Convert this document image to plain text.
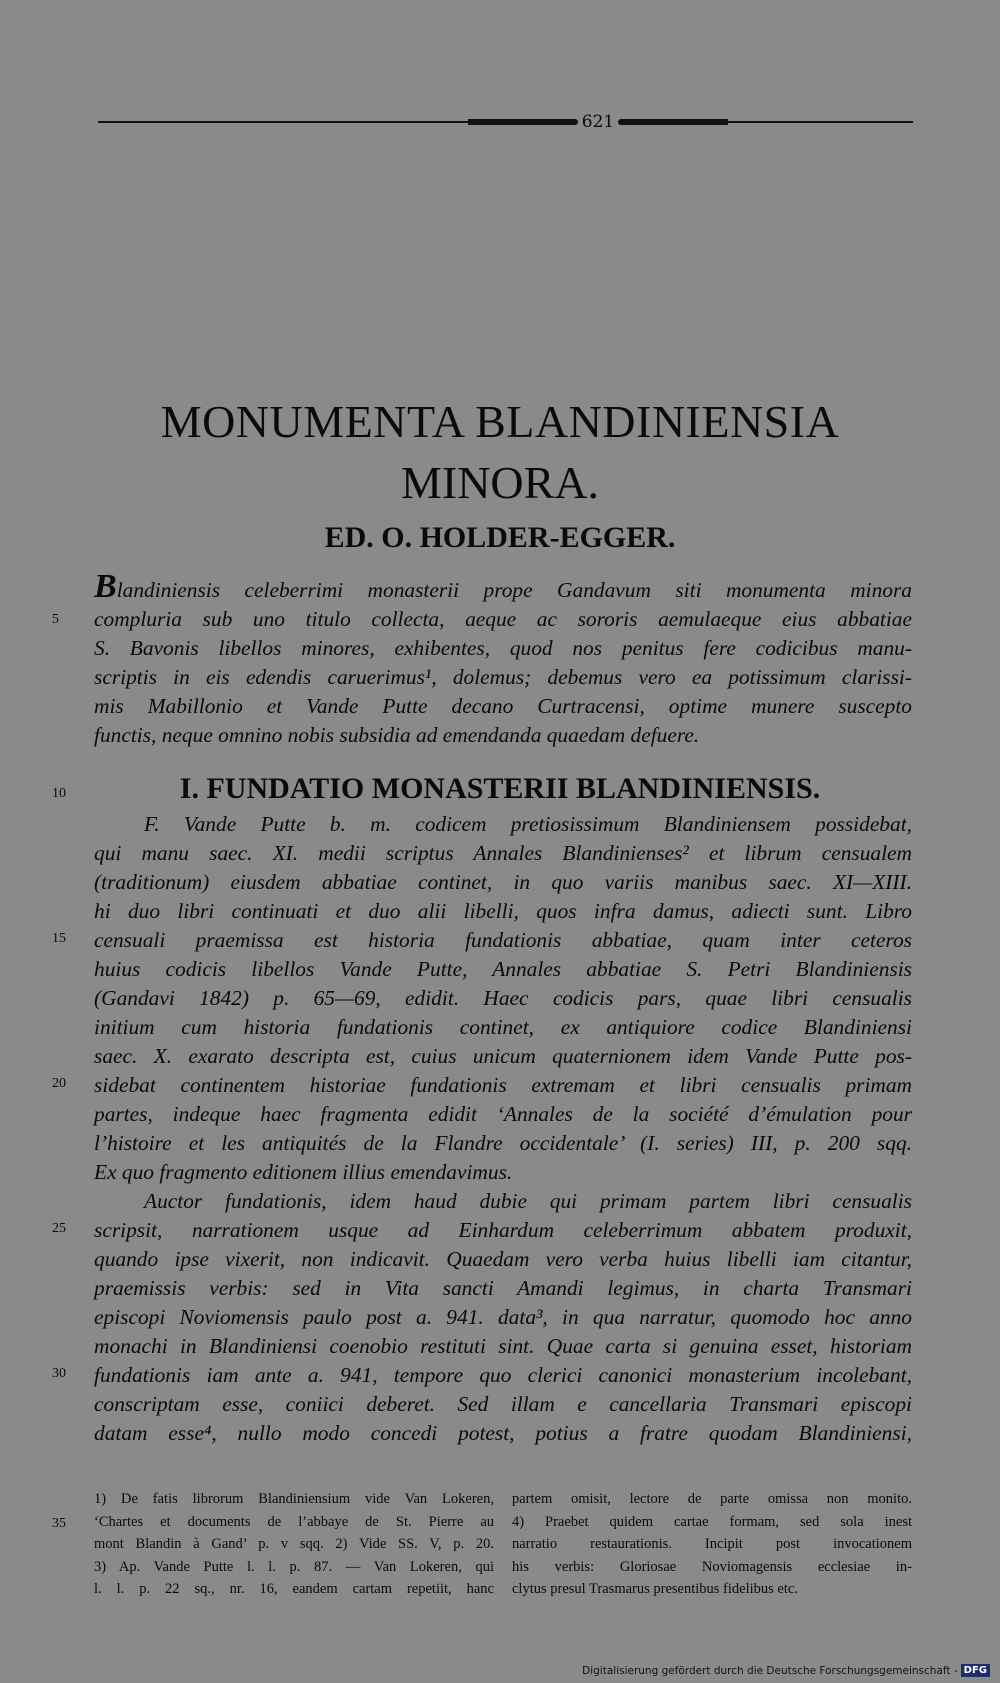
621
MONUMENTA BLANDINIENSIA
MINORA.
ED. O. HOLDER-EGGER.
Blandiniensis celeberrimi monasterii prope Gandavum siti monumenta minora
compluria sub uno titulo collecta, aeque ac sororis aemulaeque eius abbatiae
S. Bavonis libellos minores, exhibentes, quod nos penitus fere codicibus manu-
scriptis in eis edendis caruerimus¹, dolemus; debemus vero ea potissimum clarissi-
mis Mabillonio et Vande Putte decano Curtracensi, optime munere suscepto
functis, neque omnino nobis subsidia ad emendanda quaedam defuere.
I. FUNDATIO MONASTERII BLANDINIENSIS.
F. Vande Putte b. m. codicem pretiosissimum Blandiniensem possidebat,
qui manu saec. XI. medii scriptus Annales Blandinienses² et librum censualem
(traditionum) eiusdem abbatiae continet, in quo variis manibus saec. XI—XIII.
hi duo libri continuati et duo alii libelli, quos infra damus, adiecti sunt. Libro
censuali praemissa est historia fundationis abbatiae, quam inter ceteros
huius codicis libellos Vande Putte, Annales abbatiae S. Petri Blandiniensis
(Gandavi 1842) p. 65—69, edidit. Haec codicis pars, quae libri censualis
initium cum historia fundationis continet, ex antiquiore codice Blandiniensi
saec. X. exarato descripta est, cuius unicum quaternionem idem Vande Putte pos-
sidebat continentem historiae fundationis extremam et libri censualis primam
partes, indeque haec fragmenta edidit ‘Annales de la société d’émulation pour
l’histoire et les antiquités de la Flandre occidentale’ (I. series) III, p. 200 sqq.
Ex quo fragmento editionem illius emendavimus.
Auctor fundationis, idem haud dubie qui primam partem libri censualis
scripsit, narrationem usque ad Einhardum celeberrimum abbatem produxit,
quando ipse vixerit, non indicavit. Quaedam vero verba huius libelli iam citantur,
praemissis verbis: sed in Vita sancti Amandi legimus, in charta Transmari
episcopi Noviomensis paulo post a. 941. data³, in qua narratur, quomodo hoc anno
monachi in Blandiniensi coenobio restituti sint. Quae carta si genuina esset, historiam
fundationis iam ante a. 941, tempore quo clerici canonici monasterium incolebant,
conscriptam esse, coniici deberet. Sed illam e cancellaria Transmari episcopi
datam esse⁴, nullo modo concedi potest, potius a fratre quodam Blandiniensi,
5
10
15
20
25
30
35
1) De fatis librorum Blandiniensium vide Van Lokeren,
‘Chartes et documents de l’abbaye de St. Pierre au
mont Blandin à Gand’ p. v sqq. 2) Vide SS. V, p. 20.
3) Ap. Vande Putte l. l. p. 87. — Van Lokeren, qui
l. l. p. 22 sq., nr. 16, eandem cartam repetiit, hanc
partem omisit, lectore de parte omissa non monito.
4) Praebet quidem cartae formam, sed sola inest
narratio restaurationis. Incipit post invocationem
his verbis: Gloriosae Noviomagensis ecclesiae in-
clytus presul Trasmarus presentibus fidelibus etc.
Digitalisierung gefördert durch die Deutsche Forschungsgemeinschaft - DFG
